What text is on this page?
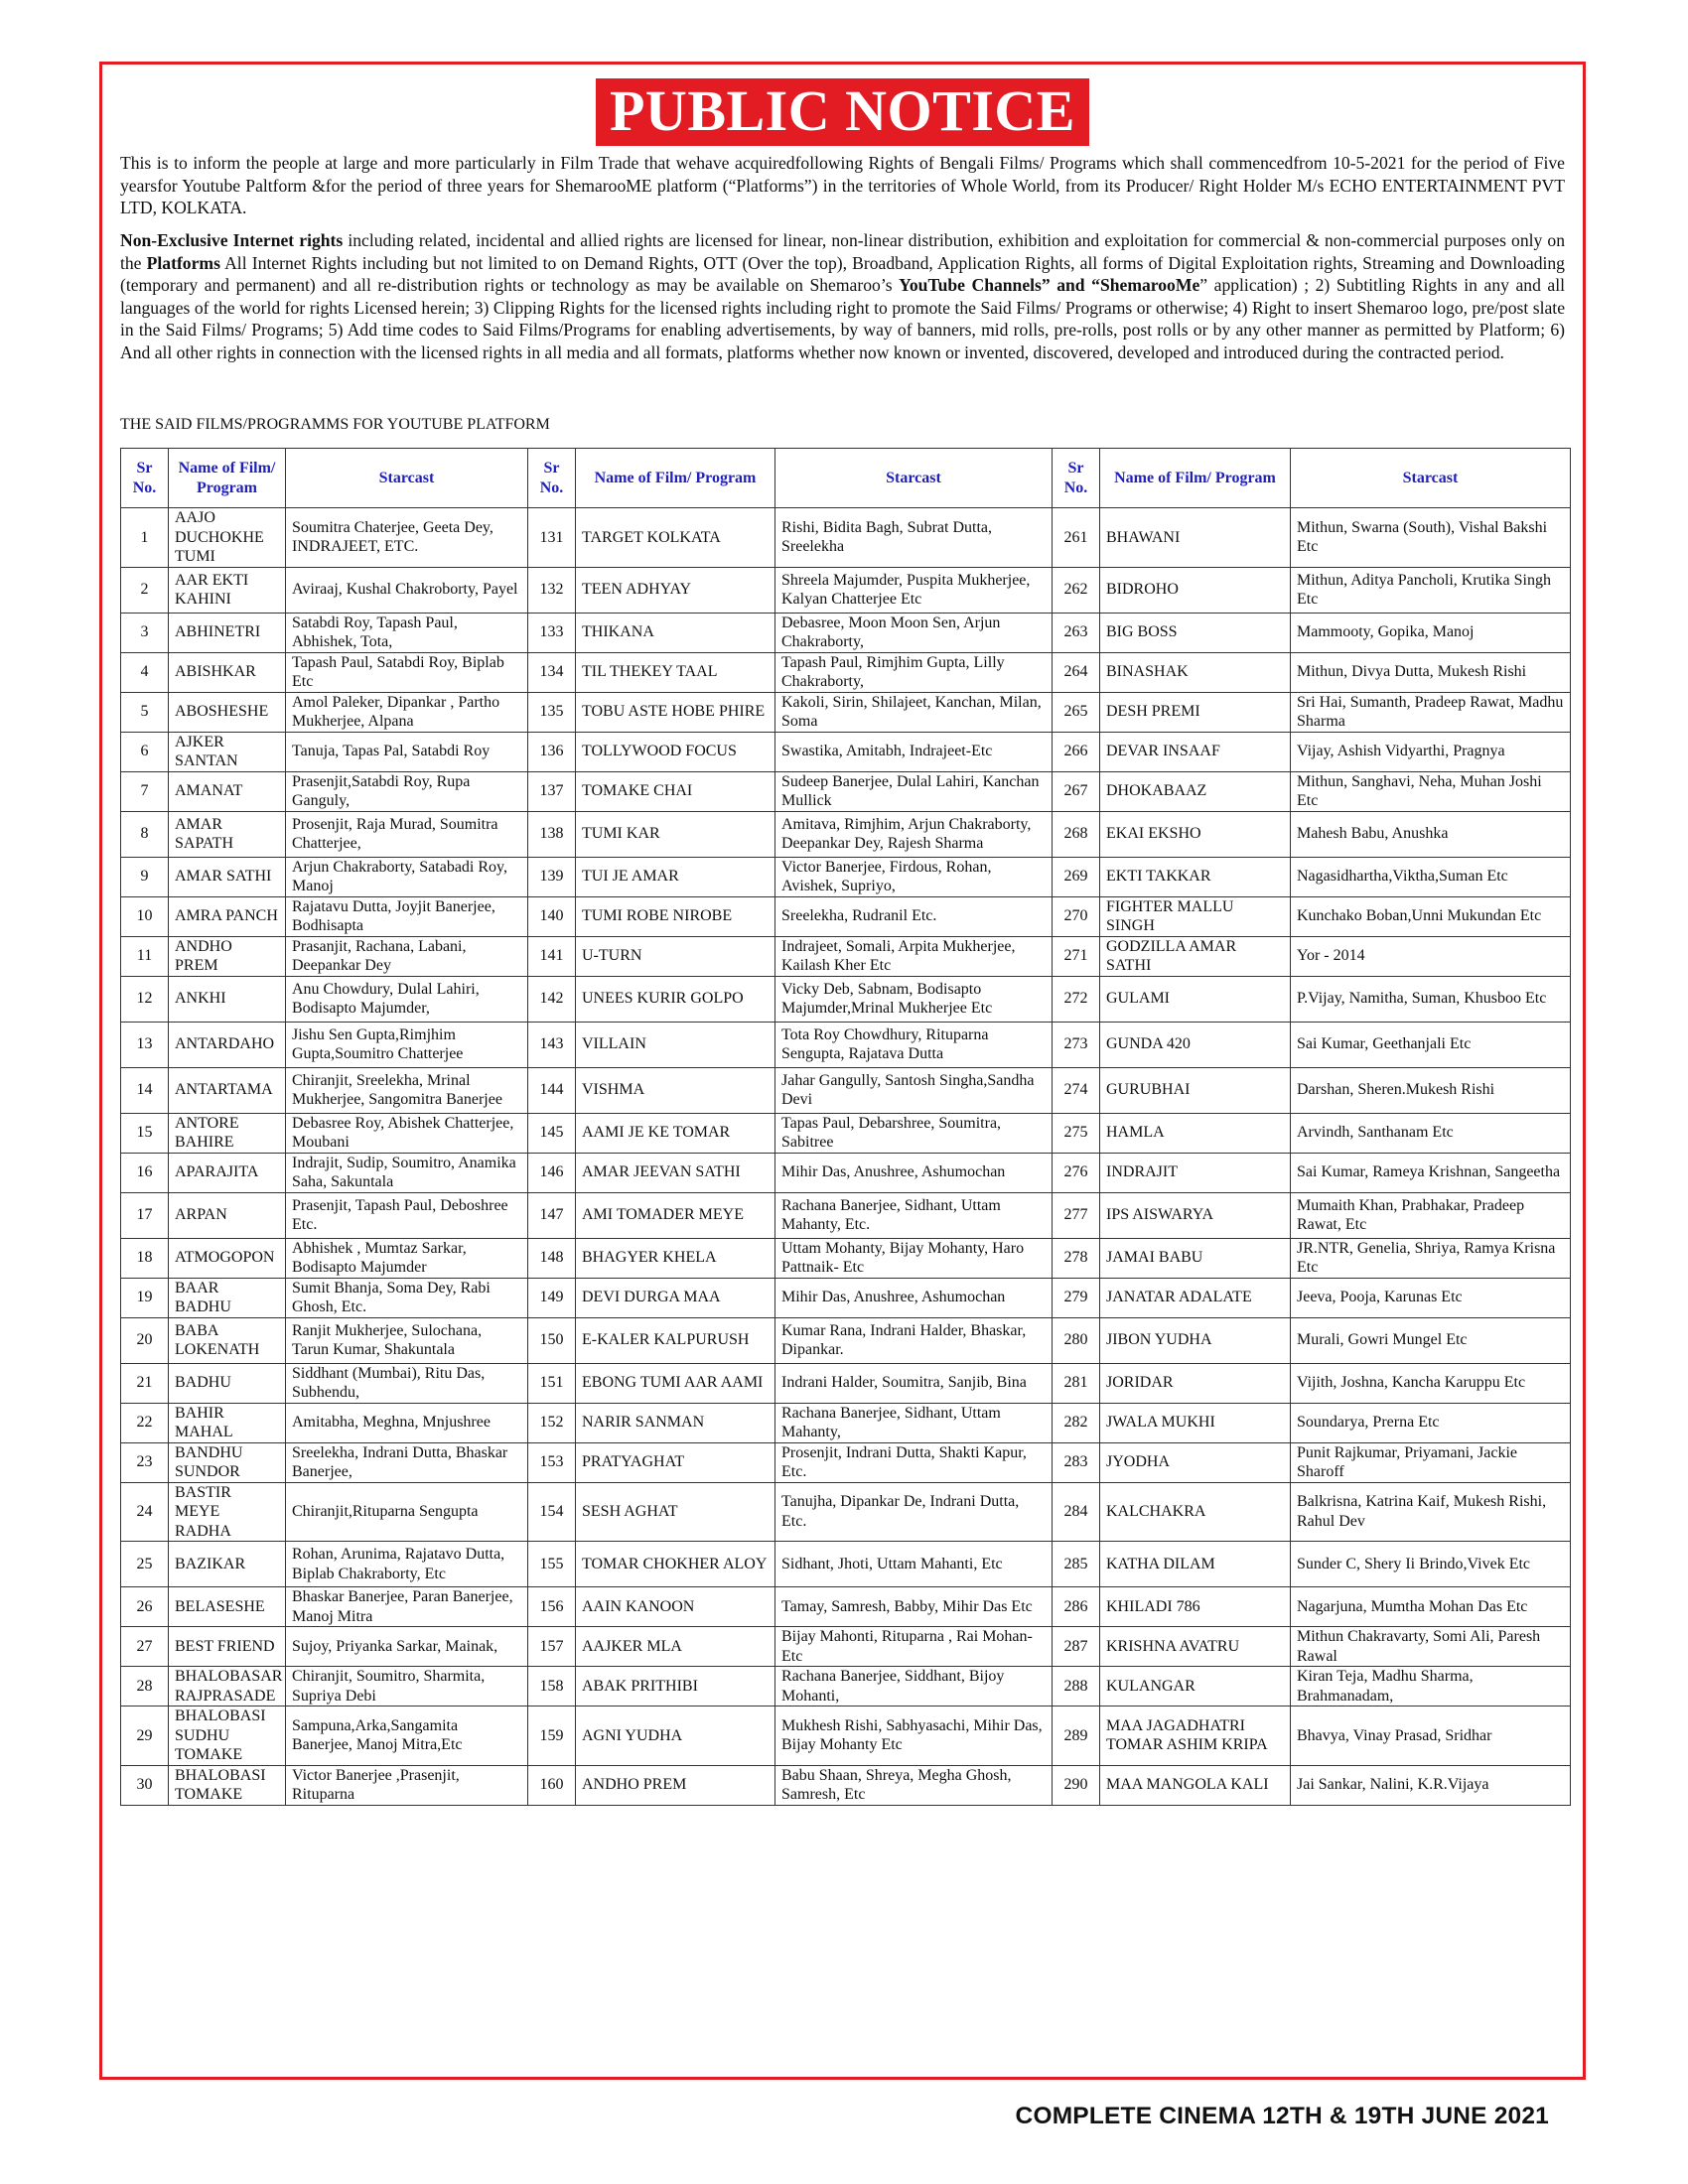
PUBLIC NOTICE

This is to inform the people at large and more particularly in Film Trade that wehave acquiredfollowing Rights of Bengali Films/ Programs which shall commencedfrom 10-5-2021 for the period of Five yearsfor Youtube Paltform &for the period of three years for ShemarooME platform (“Platforms”) in the territories of Whole World, from its Producer/ Right Holder M/s ECHO ENTERTAINMENT PVT LTD, KOLKATA.

Non-Exclusive Internet rights including related, incidental and allied rights are licensed for linear, non-linear distribution, exhibition and exploitation for commercial & non-commercial purposes only on the Platforms All Internet Rights including but not limited to on Demand Rights, OTT (Over the top), Broadband, Application Rights, all forms of Digital Exploitation rights, Streaming and Downloading (temporary and permanent) and all re-distribution rights or technology as may be available on Shemaroo’s YouTube Channels” and “ShemarooMe” application) ; 2) Subtitling Rights in any and all languages of the world for rights Licensed herein; 3) Clipping Rights for the licensed rights including right to promote the Said Films/ Programs or otherwise; 4) Right to insert Shemaroo logo, pre/post slate in the Said Films/ Programs; 5) Add time codes to Said Films/Programs for enabling advertisements, by way of banners, mid rolls, pre-rolls, post rolls or by any other manner as permitted by Platform; 6) And all other rights in connection with the licensed rights in all media and all formats, platforms whether now known or invented, discovered, developed and introduced during the contracted period.

THE SAID FILMS/PROGRAMMS FOR YOUTUBE PLATFORM

Sr No.	Name of Film/ Program	Starcast	Sr No.	Name of Film/ Program	Starcast	Sr No.	Name of Film/ Program	Starcast
1	AAJO DUCHOKHE TUMI	Soumitra Chaterjee, Geeta Dey, INDRAJEET, ETC.	131	TARGET KOLKATA	Rishi, Bidita Bagh, Subrat Dutta, Sreelekha	261	BHAWANI	Mithun, Swarna (South), Vishal Bakshi Etc
2	AAR EKTI KAHINI	Aviraaj, Kushal Chakroborty, Payel	132	TEEN ADHYAY	Shreela Majumder, Puspita Mukherjee, Kalyan Chatterjee Etc	262	BIDROHO	Mithun, Aditya Pancholi, Krutika Singh Etc
3	ABHINETRI	Satabdi Roy, Tapash Paul, Abhishek, Tota,	133	THIKANA	Debasree, Moon Moon Sen, Arjun Chakraborty,	263	BIG BOSS	Mammooty, Gopika, Manoj
4	ABISHKAR	Tapash Paul, Satabdi Roy, Biplab Etc	134	TIL THEKEY TAAL	Tapash Paul, Rimjhim Gupta, Lilly Chakraborty,	264	BINASHAK	Mithun, Divya Dutta, Mukesh Rishi
5	ABOSHESHE	Amol Paleker, Dipankar , Partho Mukherjee, Alpana	135	TOBU ASTE HOBE PHIRE	Kakoli, Sirin, Shilajeet, Kanchan, Milan, Soma	265	DESH PREMI	Sri Hai, Sumanth, Pradeep Rawat, Madhu Sharma
6	AJKER SANTAN	Tanuja, Tapas Pal, Satabdi Roy	136	TOLLYWOOD FOCUS	Swastika, Amitabh, Indrajeet-Etc	266	DEVAR INSAAF	Vijay, Ashish Vidyarthi, Pragnya
7	AMANAT	Prasenjit,Satabdi Roy, Rupa Ganguly,	137	TOMAKE CHAI	Sudeep Banerjee, Dulal Lahiri, Kanchan Mullick	267	DHOKABAAZ	Mithun, Sanghavi, Neha, Muhan Joshi Etc
8	AMAR SAPATH	Prosenjit, Raja Murad, Soumitra Chatterjee,	138	TUMI KAR	Amitava, Rimjhim, Arjun Chakraborty, Deepankar Dey, Rajesh Sharma	268	EKAI EKSHO	Mahesh Babu, Anushka
9	AMAR SATHI	Arjun Chakraborty, Satabadi Roy, Manoj	139	TUI JE AMAR	Victor Banerjee, Firdous, Rohan, Avishek, Supriyo,	269	EKTI TAKKAR	Nagasidhartha,Viktha,Suman Etc
10	AMRA PANCH	Rajatavu Dutta, Joyjit Banerjee, Bodhisapta	140	TUMI ROBE NIROBE	Sreelekha, Rudranil Etc.	270	FIGHTER MALLU SINGH	Kunchako Boban,Unni Mukundan Etc
11	ANDHO PREM	Prasanjit, Rachana, Labani, Deepankar Dey	141	U-TURN	Indrajeet, Somali, Arpita Mukherjee, Kailash Kher Etc	271	GODZILLA AMAR SATHI	Yor - 2014
12	ANKHI	Anu Chowdury, Dulal Lahiri, Bodisapto Majumder,	142	UNEES KURIR GOLPO	Vicky Deb, Sabnam, Bodisapto Majumder,Mrinal Mukherjee Etc	272	GULAMI	P.Vijay, Namitha, Suman, Khusboo Etc
13	ANTARDAHO	Jishu Sen Gupta,Rimjhim Gupta,Soumitro Chatterjee	143	VILLAIN	Tota Roy Chowdhury, Rituparna Sengupta, Rajatava Dutta	273	GUNDA 420	Sai Kumar, Geethanjali Etc
14	ANTARTAMA	Chiranjit, Sreelekha, Mrinal Mukherjee, Sangomitra Banerjee	144	VISHMA	Jahar Gangully, Santosh Singha,Sandha Devi	274	GURUBHAI	Darshan, Sheren.Mukesh Rishi
15	ANTORE BAHIRE	Debasree Roy, Abishek Chatterjee, Moubani	145	AAMI JE KE TOMAR	Tapas Paul, Debarshree, Soumitra, Sabitree	275	HAMLA	Arvindh, Santhanam Etc
16	APARAJITA	Indrajit, Sudip, Soumitro, Anamika Saha, Sakuntala	146	AMAR JEEVAN SATHI	Mihir Das, Anushree, Ashumochan	276	INDRAJIT	Sai Kumar, Rameya Krishnan, Sangeetha
17	ARPAN	Prasenjit, Tapash Paul, Deboshree Etc.	147	AMI TOMADER MEYE	Rachana Banerjee, Sidhant, Uttam Mahanty, Etc.	277	IPS AISWARYA	Mumaith Khan, Prabhakar, Pradeep Rawat, Etc
18	ATMOGOPON	Abhishek , Mumtaz Sarkar, Bodisapto Majumder	148	BHAGYER KHELA	Uttam Mohanty, Bijay Mohanty, Haro Pattnaik- Etc	278	JAMAI BABU	JR.NTR, Genelia, Shriya, Ramya Krisna Etc
19	BAAR BADHU	Sumit Bhanja, Soma Dey, Rabi Ghosh, Etc.	149	DEVI DURGA MAA	Mihir Das, Anushree, Ashumochan	279	JANATAR ADALATE	Jeeva, Pooja, Karunas Etc
20	BABA LOKENATH	Ranjit Mukherjee, Sulochana, Tarun Kumar, Shakuntala	150	E-KALER KALPURUSH	Kumar Rana, Indrani Halder, Bhaskar, Dipankar.	280	JIBON YUDHA	Murali, Gowri Mungel Etc
21	BADHU	Siddhant (Mumbai), Ritu Das, Subhendu,	151	EBONG TUMI AAR AAMI	Indrani Halder, Soumitra, Sanjib, Bina	281	JORIDAR	Vijith, Joshna, Kancha Karuppu Etc
22	BAHIR MAHAL	Amitabha, Meghna, Mnjushree	152	NARIR SANMAN	Rachana Banerjee, Sidhant, Uttam Mahanty,	282	JWALA MUKHI	Soundarya, Prerna Etc
23	BANDHU SUNDOR	Sreelekha, Indrani Dutta, Bhaskar Banerjee,	153	PRATYAGHAT	Prosenjit, Indrani Dutta, Shakti Kapur, Etc.	283	JYODHA	Punit Rajkumar, Priyamani, Jackie Sharoff
24	BASTIR MEYE RADHA	Chiranjit,Rituparna Sengupta	154	SESH AGHAT	Tanujha, Dipankar De, Indrani Dutta, Etc.	284	KALCHAKRA	Balkrisna, Katrina Kaif, Mukesh Rishi, Rahul Dev
25	BAZIKAR	Rohan, Arunima, Rajatavo Dutta, Biplab Chakraborty, Etc	155	TOMAR CHOKHER ALOY	Sidhant, Jhoti, Uttam Mahanti, Etc	285	KATHA DILAM	Sunder C, Shery Ii Brindo,Vivek Etc
26	BELASESHE	Bhaskar Banerjee, Paran Banerjee, Manoj Mitra	156	AAIN KANOON	Tamay, Samresh, Babby, Mihir Das Etc	286	KHILADI 786	Nagarjuna, Mumtha Mohan Das Etc
27	BEST FRIEND	Sujoy, Priyanka Sarkar, Mainak,	157	AAJKER MLA	Bijay Mahonti, Rituparna , Rai Mohan-Etc	287	KRISHNA AVATRU	Mithun Chakravarty, Somi Ali, Paresh Rawal
28	BHALOBASAR RAJPRASADE	Chiranjit, Soumitro, Sharmita, Supriya Debi	158	ABAK PRITHIBI	Rachana Banerjee, Siddhant, Bijoy Mohanti,	288	KULANGAR	Kiran Teja, Madhu Sharma, Brahmanadam,
29	BHALOBASI SUDHU TOMAKE	Sampuna,Arka,Sangamita Banerjee, Manoj Mitra,Etc	159	AGNI YUDHA	Mukhesh Rishi, Sabhyasachi, Mihir Das, Bijay Mohanty Etc	289	MAA JAGADHATRI TOMAR ASHIM KRIPA	Bhavya, Vinay Prasad, Sridhar
30	BHALOBASI TOMAKE	Victor Banerjee ,Prasenjit, Rituparna	160	ANDHO PREM	Babu Shaan, Shreya, Megha Ghosh, Samresh, Etc	290	MAA MANGOLA KALI	Jai Sankar, Nalini, K.R.Vijaya
COMPLETE CINEMA 12TH & 19TH JUNE 2021
